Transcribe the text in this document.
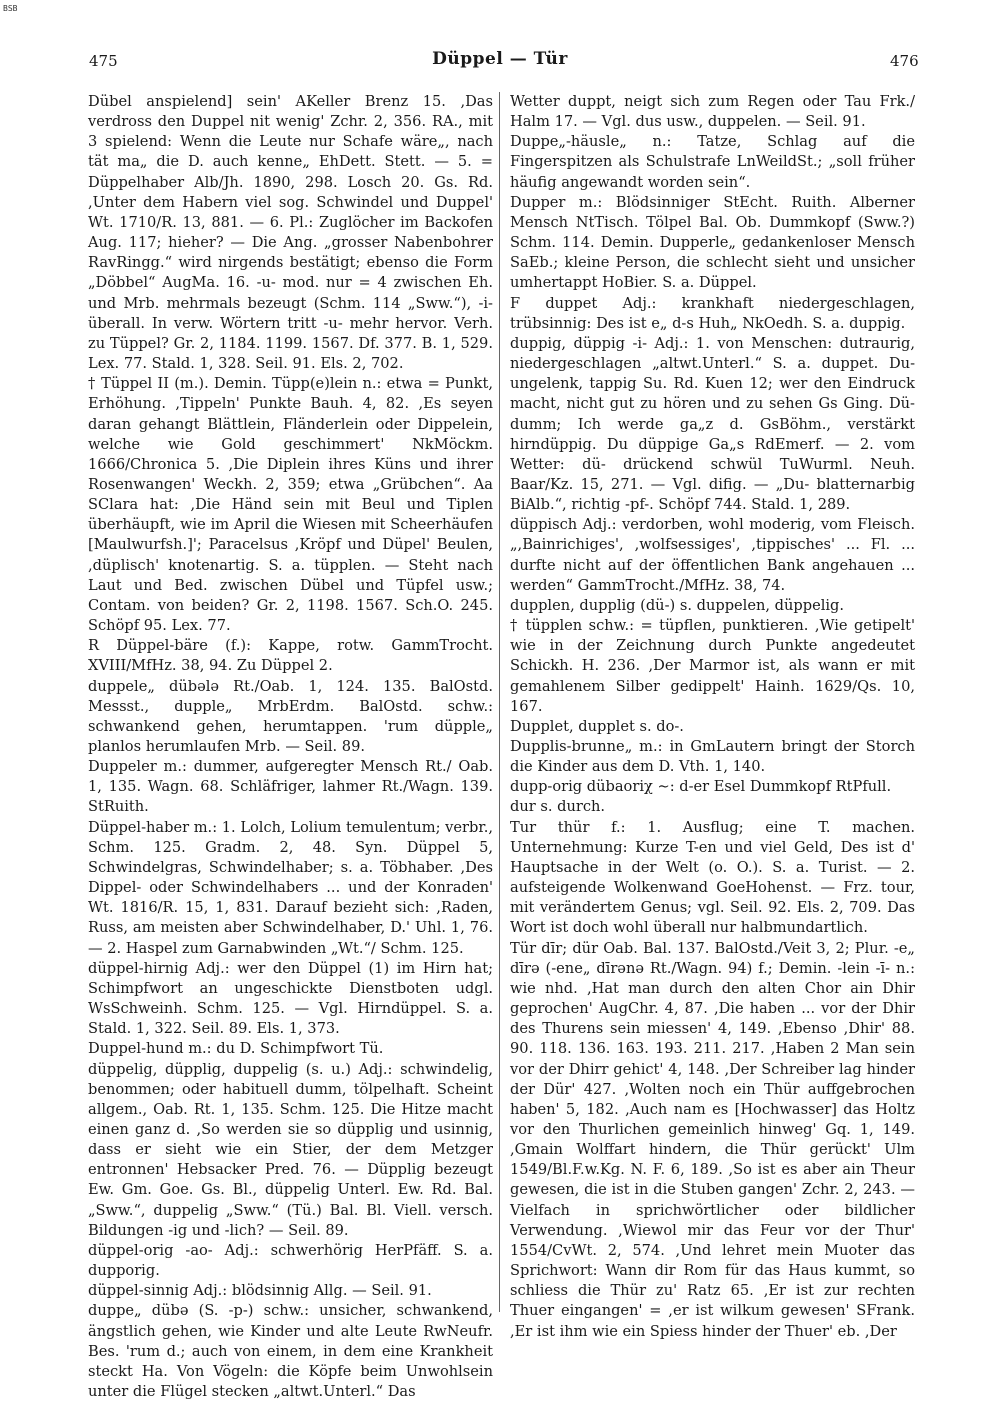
BSB
475	Düppel — Tür	476

Dübel anspielend] sein' AKeller Brenz 15. ,Das verdross den Duppel nit wenig' Zchr. 2, 356. RA., mit 3 spielend: Wenn die Leute nur Schafe wäre„, nach tät ma„ die D. auch kenne„ EhDett. Stett. — 5. = Düppelhaber Alb/Jh. 1890, 298. Losch 20. Gs. Rd. ,Unter dem Habern viel sog. Schwindel und Duppel' Wt. 1710/R. 13, 881. — 6. Pl.: Zuglöcher im Backofen Aug. 117; hieher? — Die Ang. „grosser Nabenbohrer RavRingg.“ wird nirgends bestätigt; ebenso die Form „Döbbel“ AugMa. 16. -u- mod. nur = 4 zwischen Eh. und Mrb. mehrmals bezeugt (Schm. 114 „Sww.“), -i- überall. In verw. Wörtern tritt -u- mehr hervor. Verh. zu Tüppel? Gr. 2, 1184. 1199. 1567. Df. 377. B. 1, 529. Lex. 77. Stald. 1, 328. Seil. 91. Els. 2, 702.

† Tüppel II (m.). Demin. Tüpp(e)lein n.: etwa = Punkt, Erhöhung. ,Tippeln' Punkte Bauh. 4, 82. ,Es seyen daran gehangt Blättlein, Fländerlein oder Dippelein, welche wie Gold geschimmert' NkMöckm. 1666/Chronica 5. ,Die Diplein ihres Küns und ihrer Rosenwangen' Weckh. 2, 359; etwa „Grübchen“. Aa SClara hat: ,Die Händ sein mit Beul und Tiplen überhäupft, wie im April die Wiesen mit Scheerhäufen [Maulwurfsh.]'; Paracelsus ,Kröpf und Düpel' Beulen, ,düplisch' knotenartig. S. a. tüpplen. — Steht nach Laut und Bed. zwischen Dübel und Tüpfel usw.; Contam. von beiden? Gr. 2, 1198. 1567. Sch.O. 245. Schöpf 95. Lex. 77.

R Düppel-bäre (f.): Kappe, rotw. GammTrocht. XVIII/MfHz. 38, 94. Zu Düppel 2.

duppele„ dübələ Rt./Oab. 1, 124. 135. BalOstd. Messst., dupple„ MrbErdm. BalOstd. schw.: schwankend gehen, herumtappen. 'rum düpple„ planlos herumlaufen Mrb. — Seil. 89.

Duppeler m.: dummer, aufgeregter Mensch Rt./ Oab. 1, 135. Wagn. 68. Schläfriger, lahmer Rt./Wagn. 139. StRuith.

Düppel-haber m.: 1. Lolch, Lolium temulentum; verbr., Schm. 125. Gradm. 2, 48. Syn. Düppel 5, Schwindelgras, Schwindelhaber; s. a. Töbhaber. ,Des Dippel- oder Schwindelhabers ... und der Konraden' Wt. 1816/R. 15, 1, 831. Darauf bezieht sich: ,Raden, Russ, am meisten aber Schwindelhaber, D.' Uhl. 1, 76. — 2. Haspel zum Garnabwinden „Wt.“/ Schm. 125.

düppel-hirnig Adj.: wer den Düppel (1) im Hirn hat; Schimpfwort an ungeschickte Dienstboten udgl. WsSchweinh. Schm. 125. — Vgl. Hirndüppel. S. a. Stald. 1, 322. Seil. 89. Els. 1, 373.

Duppel-hund m.: du D. Schimpfwort Tü.

düppelig, düpplig, duppelig (s. u.) Adj.: schwindelig, benommen; oder habituell dumm, tölpelhaft. Scheint allgem., Oab. Rt. 1, 135. Schm. 125. Die Hitze macht einen ganz d. ,So werden sie so düpplig und usinnig, dass er sieht wie ein Stier, der dem Metzger entronnen' Hebsacker Pred. 76. — Düpplig bezeugt Ew. Gm. Goe. Gs. Bl., düppelig Unterl. Ew. Rd. Bal. „Sww.“, duppelig „Sww.“ (Tü.) Bal. Bl. Viell. versch. Bildungen -ig und -lich? — Seil. 89.

düppel-orig -ao- Adj.: schwerhörig HerPfäff. S. a. dupporig.

düppel-sinnig Adj.: blödsinnig Allg. — Seil. 91.

duppe„ dübə (S. -p-) schw.: unsicher, schwankend, ängstlich gehen, wie Kinder und alte Leute RwNeufr. Bes. 'rum d.; auch von einem, in dem eine Krankheit steckt Ha. Von Vögeln: die Köpfe beim Unwohlsein unter die Flügel stecken „altwt.Unterl.“ Das

Wetter duppt, neigt sich zum Regen oder Tau Frk./ Halm 17. — Vgl. dus usw., duppelen. — Seil. 91.

Duppe„-häusle„ n.: Tatze, Schlag auf die Fingerspitzen als Schulstrafe LnWeildSt.; „soll früher häufig angewandt worden sein“.

Dupper m.: Blödsinniger StEcht. Ruith. Alberner Mensch NtTisch. Tölpel Bal. Ob. Dummkopf (Sww.?) Schm. 114. Demin. Dupperle„ gedankenloser Mensch SaEb.; kleine Person, die schlecht sieht und unsicher umhertappt HoBier. S. a. Düppel.

F duppet Adj.: krankhaft niedergeschlagen, trübsinnig: Des ist e„ d-s Huh„ NkOedh. S. a. duppig.

duppig, düppig -i- Adj.: 1. von Menschen: dutraurig, niedergeschlagen „altwt.Unterl.“ S. a. duppet. Du- ungelenk, tappig Su. Rd. Kuen 12; wer den Eindruck macht, nicht gut zu hören und zu sehen Gs Ging. Dü- dumm; Ich werde ga„z d. GsBöhm., verstärkt hirndüppig. Du düppige Ga„s RdEmerf. — 2. vom Wetter: dü- drückend schwül TuWurml. Neuh. Baar/Kz. 15, 271. — Vgl. difig. — „Du- blatternarbig BiAlb.“, richtig -pf-. Schöpf 744. Stald. 1, 289.

düppisch Adj.: verdorben, wohl moderig, vom Fleisch. „,Bainrichiges', ,wolfsessiges', ,tippisches' ... Fl. ... durfte nicht auf der öffentlichen Bank angehauen ... werden“ GammTrocht./MfHz. 38, 74.

dupplen, dupplig (dü-) s. duppelen, düppelig.

† tüpplen schw.: = tüpflen, punktieren. ,Wie getipelt' wie in der Zeichnung durch Punkte angedeutet Schickh. H. 236. ,Der Marmor ist, als wann er mit gemahlenem Silber gedippelt' Hainh. 1629/Qs. 10, 167.

Dupplet, dupplet s. do-.

Dupplis-brunne„ m.: in GmLautern bringt der Storch die Kinder aus dem D. Vth. 1, 140.

dupp-orig dübaoriχ ∼: d-er Esel Dummkopf RtPfull.

dur s. durch.

Tur thür f.: 1. Ausflug; eine T. machen. Unternehmung: Kurze T-en und viel Geld, Des ist d' Hauptsache in der Welt (o. O.). S. a. Turist. — 2. aufsteigende Wolkenwand GoeHohenst. — Frz. tour, mit verändertem Genus; vgl. Seil. 92. Els. 2, 709. Das Wort ist doch wohl überall nur halbmundartlich.

Tür dīr; dür Oab. Bal. 137. BalOstd./Veit 3, 2; Plur. -e„ dīrə (-ene„ dīrənə Rt./Wagn. 94) f.; Demin. -lein -ī- n.: wie nhd. ,Hat man durch den alten Chor ain Dhir geprochen' AugChr. 4, 87. ,Die haben ... vor der Dhir des Thurens sein miessen' 4, 149. ,Ebenso ,Dhir' 88. 90. 118. 136. 163. 193. 211. 217. ,Haben 2 Man sein vor der Dhirr gehict' 4, 148. ,Der Schreiber lag hinder der Dür' 427. ,Wolten noch ein Thür auffgebrochen haben' 5, 182. ,Auch nam es [Hochwasser] das Holtz vor den Thurlichen gemeinlich hinweg' Gq. 1, 149. ,Gmain Wolffart hindern, die Thür gerückt' Ulm 1549/Bl.F.w.Kg. N. F. 6, 189. ,So ist es aber ain Theur gewesen, die ist in die Stuben gangen' Zchr. 2, 243. — Vielfach in sprichwörtlicher oder bildlicher Verwendung. ,Wiewol mir das Feur vor der Thur' 1554/CvWt. 2, 574. ,Und lehret mein Muoter das Sprichwort: Wann dir Rom für das Haus kummt, so schliess die Thür zu' Ratz 65. ,Er ist zur rechten Thuer eingangen' = ,er ist wilkum gewesen' SFrank. ,Er ist ihm wie ein Spiess hinder der Thuer' eb. ,Der
